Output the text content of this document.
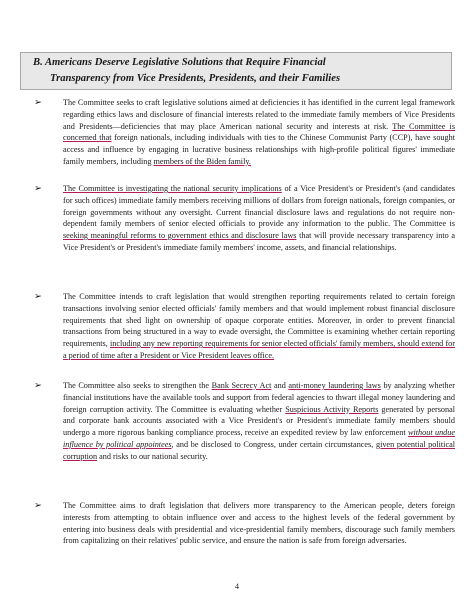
B. Americans Deserve Legislative Solutions that Require Financial
Transparency from Vice Presidents, Presidents, and their Families
➢	The Committee seeks to craft legislative solutions aimed at deficiencies it has identified in the current legal framework regarding ethics laws and disclosure of financial interests related to the immediate family members of Vice Presidents and Presidents—deficiencies that may place American national security and interests at risk. The Committee is concerned that foreign nationals, including individuals with ties to the Chinese Communist Party (CCP), have sought access and influence by engaging in lucrative business relationships with high-profile political figures' immediate family members, including members of the Biden family.

➢	The Committee is investigating the national security implications of a Vice President's or President's (and candidates for such offices) immediate family members receiving millions of dollars from foreign nationals, foreign companies, or foreign governments without any oversight. Current financial disclosure laws and regulations do not require non-dependent family members of senior elected officials to provide any information to the public. The Committee is seeking meaningful reforms to government ethics and disclosure laws that will provide necessary transparency into a Vice President's or President's immediate family members' income, assets, and financial relationships.

➢	The Committee intends to craft legislation that would strengthen reporting requirements related to certain foreign transactions involving senior elected officials' family members and that would implement robust financial disclosure requirements that shed light on ownership of opaque corporate entities. Moreover, in order to prevent financial transactions from being structured in a way to evade oversight, the Committee is examining whether certain reporting requirements, including any new reporting requirements for senior elected officials' family members, should extend for a period of time after a President or Vice President leaves office.

➢	The Committee also seeks to strengthen the Bank Secrecy Act and anti-money laundering laws by analyzing whether financial institutions have the available tools and support from federal agencies to thwart illegal money laundering and foreign corruption activity. The Committee is evaluating whether Suspicious Activity Reports generated by personal and corporate bank accounts associated with a Vice President's or President's immediate family members should undergo a more rigorous banking compliance process, receive an expedited review by law enforcement without undue influence by political appointees, and be disclosed to Congress, under certain circumstances, given potential political corruption and risks to our national security.

➢	The Committee aims to draft legislation that delivers more transparency to the American people, deters foreign interests from attempting to obtain influence over and access to the highest levels of the federal government by entering into business deals with presidential and vice-presidential family members, discourage such family members from capitalizing on their relatives' public service, and ensure the nation is safe from foreign adversaries.

4
